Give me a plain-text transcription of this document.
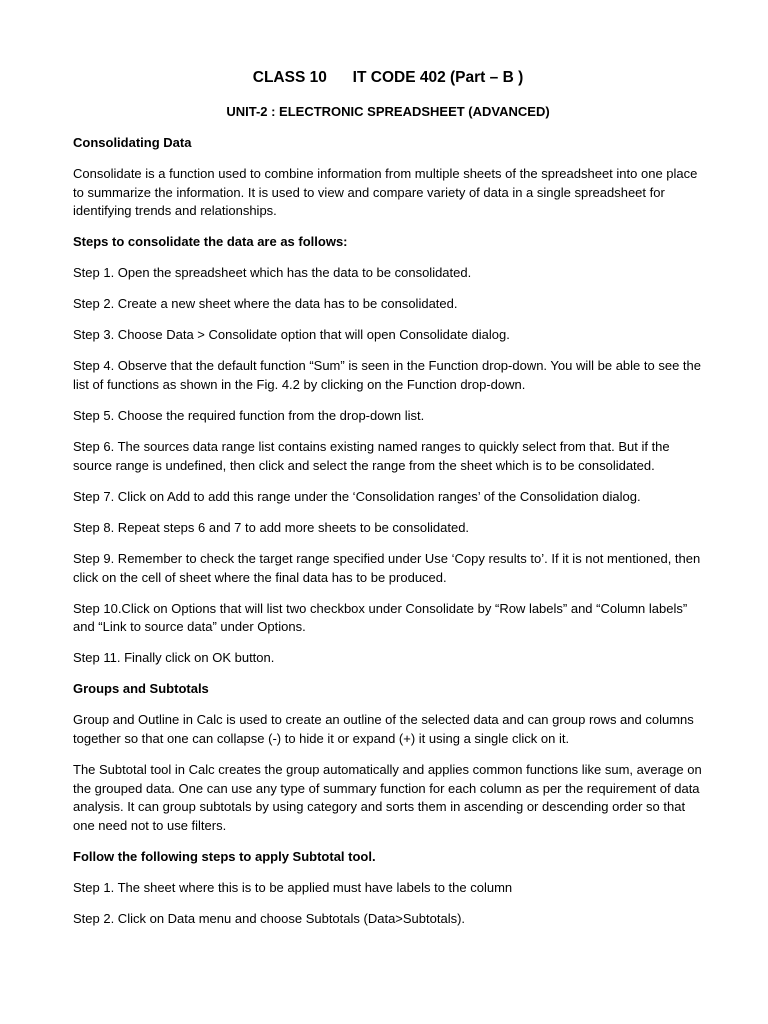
CLASS 10      IT CODE 402 (Part – B )
UNIT-2 : ELECTRONIC SPREADSHEET (ADVANCED)
Consolidating Data
Consolidate is a function used to combine information from multiple sheets of the spreadsheet into one place to summarize the information. It is used to view and compare variety of data in a single spreadsheet for identifying trends and relationships.
Steps to consolidate the data are as follows:
Step 1. Open the spreadsheet which has the data to be consolidated.
Step 2. Create a new sheet where the data has to be consolidated.
Step 3. Choose Data > Consolidate option that will open Consolidate dialog.
Step 4. Observe that the default function “Sum” is seen in the Function drop-down. You will be able to see the list of functions as shown in the Fig. 4.2 by clicking on the Function drop-down.
Step 5. Choose the required function from the drop-down list.
Step 6. The sources data range list contains existing named ranges to quickly select from that. But if the source range is undefined, then click and select the range from the sheet which is to be consolidated.
Step 7. Click on Add to add this range under the ‘Consolidation ranges’ of the Consolidation dialog.
Step 8. Repeat steps 6 and 7 to add more sheets to be consolidated.
Step 9. Remember to check the target range specified under Use ‘Copy results to’. If it is not mentioned, then click on the cell of sheet where the final data has to be produced.
Step 10.Click on Options that will list two checkbox under Consolidate by “Row labels” and “Column labels” and “Link to source data” under Options.
Step 11. Finally click on OK button.
Groups and Subtotals
Group and Outline in Calc is used to create an outline of the selected data and can group rows and columns together so that one can collapse (-) to hide it or expand (+) it using a single click on it.
The Subtotal tool in Calc creates the group automatically and applies common functions like sum, average on the grouped data. One can use any type of summary function for each column as per the requirement of data analysis. It can group subtotals by using category and sorts them in ascending or descending order so that one need not to use filters.
Follow the following steps to apply Subtotal tool.
Step 1. The sheet where this is to be applied must have labels to the column
Step 2. Click on Data menu and choose Subtotals (Data>Subtotals).
